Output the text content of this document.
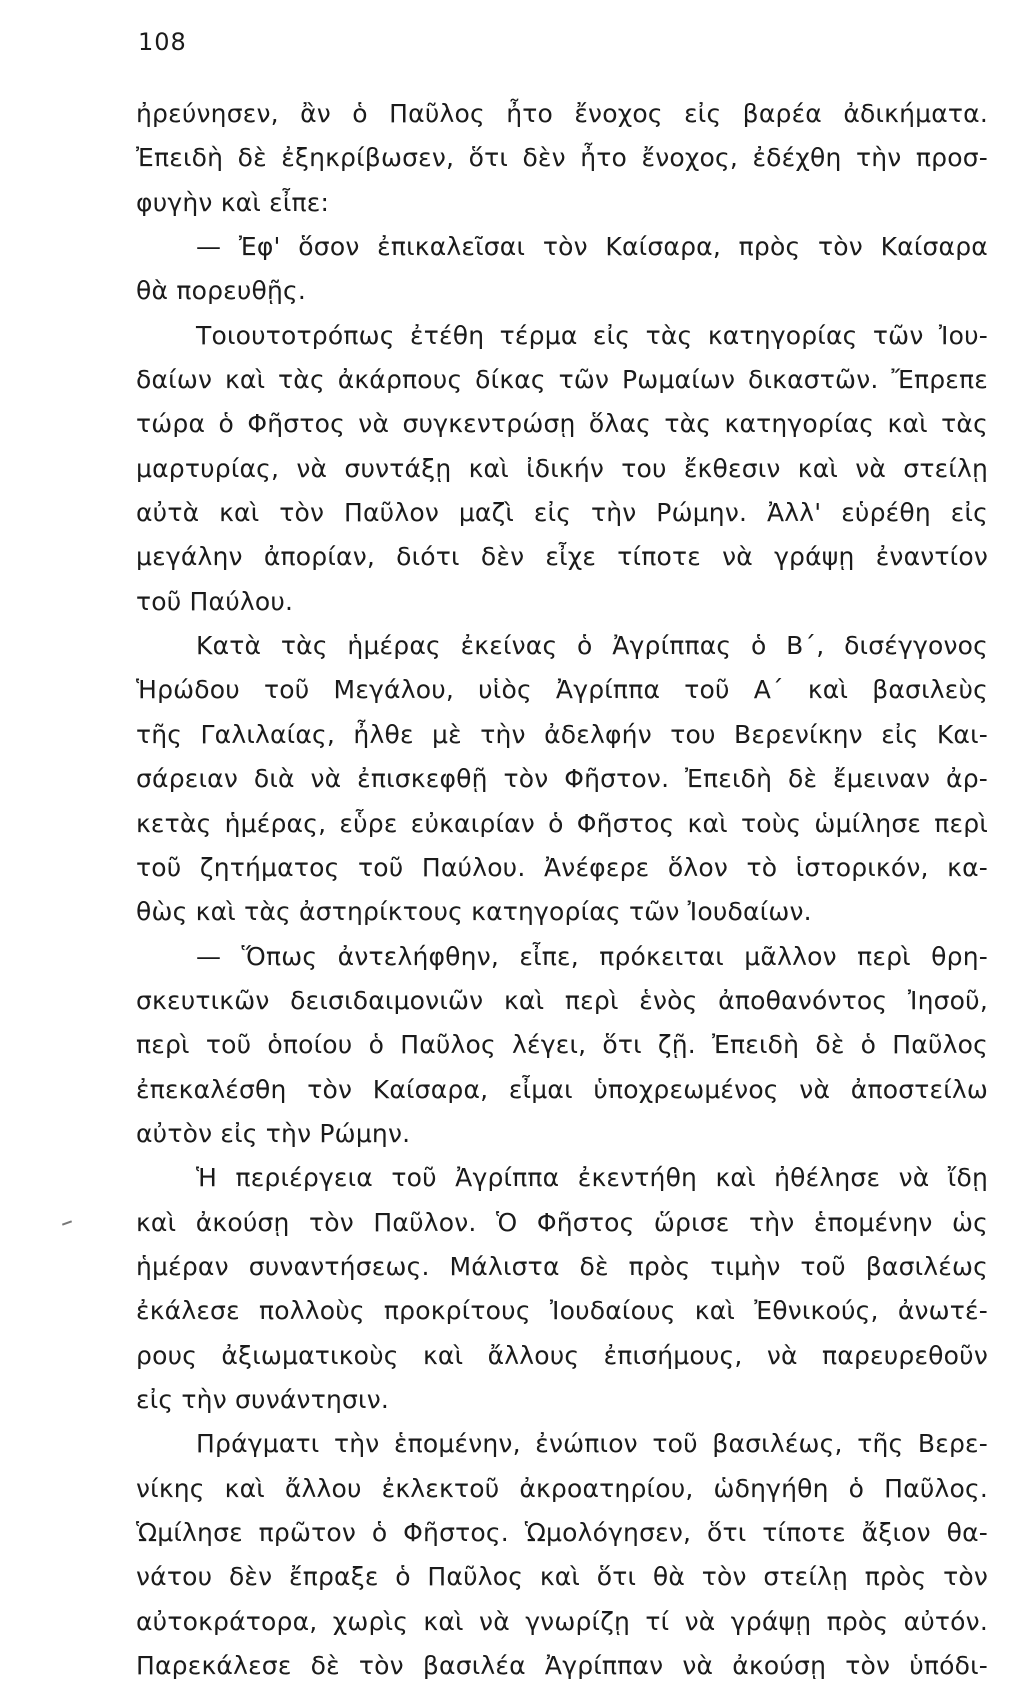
108
ἠρεύνησεν, ἂν ὁ Παῦλος ἦτο ἔνοχος εἰς βαρέα ἀδικήματα.
Ἐπειδὴ δὲ ἐξηκρίβωσεν, ὅτι δὲν ἦτο ἔνοχος, ἐδέχθη τὴν προσ-
φυγὴν καὶ εἶπε:
— Ἐφ' ὅσον ἐπικαλεῖσαι τὸν Καίσαρα, πρὸς τὸν Καίσαρα
θὰ πορευθῇς.
Τοιουτοτρόπως ἐτέθη τέρμα εἰς τὰς κατηγορίας τῶν Ἰου-
δαίων καὶ τὰς ἀκάρπους δίκας τῶν Ρωμαίων δικαστῶν. Ἔπρεπε
τώρα ὁ Φῆστος νὰ συγκεντρώσῃ ὅλας τὰς κατηγορίας καὶ τὰς
μαρτυρίας, νὰ συντάξῃ καὶ ἰδικήν του ἔκθεσιν καὶ νὰ στείλῃ
αὐτὰ καὶ τὸν Παῦλον μαζὶ εἰς τὴν Ρώμην. Ἀλλ' εὑρέθη εἰς
μεγάλην ἀπορίαν, διότι δὲν εἶχε τίποτε νὰ γράψῃ ἐναντίον
τοῦ Παύλου.
Κατὰ τὰς ἡμέρας ἐκείνας ὁ Ἀγρίππας ὁ Β΄, δισέγγονος
Ἡρώδου τοῦ Μεγάλου, υἱὸς Ἀγρίππα τοῦ Α΄ καὶ βασιλεὺς
τῆς Γαλιλαίας, ἦλθε μὲ τὴν ἀδελφήν του Βερενίκην εἰς Και-
σάρειαν διὰ νὰ ἐπισκεφθῇ τὸν Φῆστον. Ἐπειδὴ δὲ ἔμειναν ἀρ-
κετὰς ἡμέρας, εὗρε εὐκαιρίαν ὁ Φῆστος καὶ τοὺς ὡμίλησε περὶ
τοῦ ζητήματος τοῦ Παύλου. Ἀνέφερε ὅλον τὸ ἱστορικόν, κα-
θὼς καὶ τὰς ἀστηρίκτους κατηγορίας τῶν Ἰουδαίων.
— Ὅπως ἀντελήφθην, εἶπε, πρόκειται μᾶλλον περὶ θρη-
σκευτικῶν δεισιδαιμονιῶν καὶ περὶ ἑνὸς ἀποθανόντος Ἰησοῦ,
περὶ τοῦ ὁποίου ὁ Παῦλος λέγει, ὅτι ζῇ. Ἐπειδὴ δὲ ὁ Παῦλος
ἐπεκαλέσθη τὸν Καίσαρα, εἶμαι ὑποχρεωμένος νὰ ἀποστείλω
αὐτὸν εἰς τὴν Ρώμην.
Ἡ περιέργεια τοῦ Ἀγρίππα ἐκεντήθη καὶ ἠθέλησε νὰ ἴδῃ
καὶ ἀκούσῃ τὸν Παῦλον. Ὁ Φῆστος ὥρισε τὴν ἑπομένην ὡς
ἡμέραν συναντήσεως. Μάλιστα δὲ πρὸς τιμὴν τοῦ βασιλέως
ἐκάλεσε πολλοὺς προκρίτους Ἰουδαίους καὶ Ἐθνικούς, ἀνωτέ-
ρους ἀξιωματικοὺς καὶ ἄλλους ἐπισήμους, νὰ παρευρεθοῦν
εἰς τὴν συνάντησιν.
Πράγματι τὴν ἑπομένην, ἐνώπιον τοῦ βασιλέως, τῆς Βερε-
νίκης καὶ ἄλλου ἐκλεκτοῦ ἀκροατηρίου, ὡδηγήθη ὁ Παῦλος.
Ὡμίλησε πρῶτον ὁ Φῆστος. Ὡμολόγησεν, ὅτι τίποτε ἄξιον θα-
νάτου δὲν ἔπραξε ὁ Παῦλος καὶ ὅτι θὰ τὸν στείλῃ πρὸς τὸν
αὐτοκράτορα, χωρὶς καὶ νὰ γνωρίζῃ τί νὰ γράψῃ πρὸς αὐτόν.
Παρεκάλεσε δὲ τὸν βασιλέα Ἀγρίππαν νὰ ἀκούσῃ τὸν ὑπόδι-
